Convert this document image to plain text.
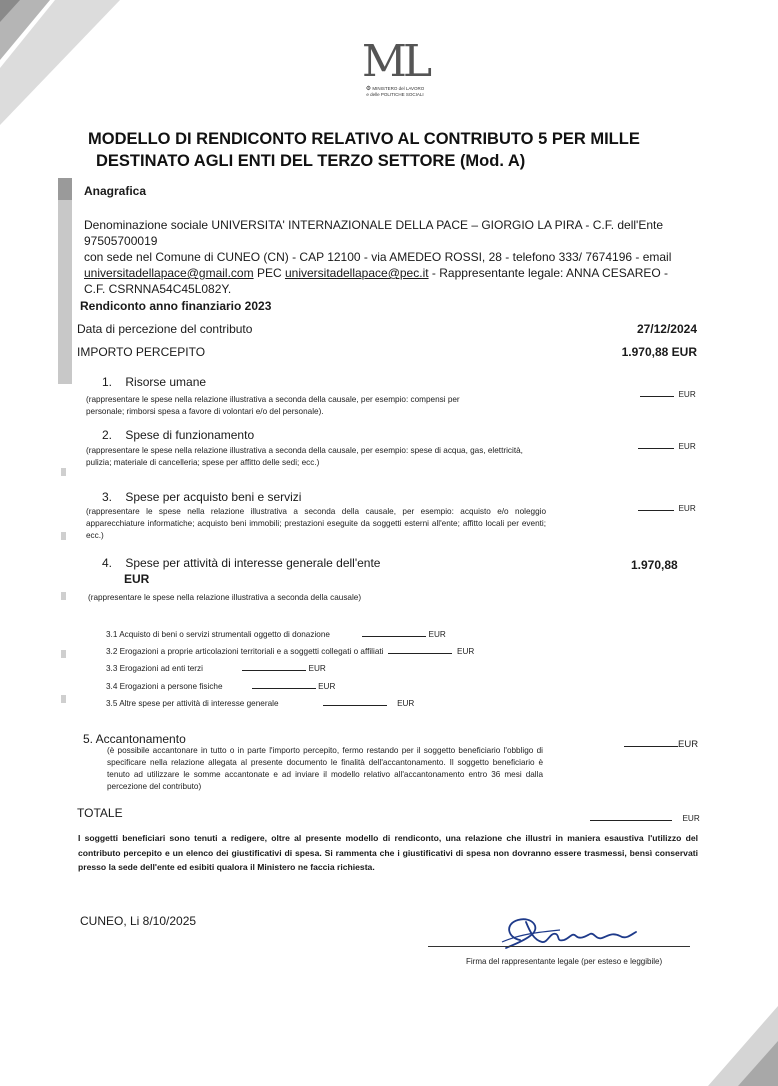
ML
⚙ MINISTERO del LAVORO
e delle POLITICHE SOCIALI
MODELLO DI RENDICONTO RELATIVO AL CONTRIBUTO 5 PER MILLE
DESTINATO AGLI ENTI DEL TERZO SETTORE (Mod. A)
Anagrafica
Denominazione sociale UNIVERSITA' INTERNAZIONALE DELLA PACE – GIORGIO LA PIRA - C.F. dell'Ente 97505700019
con sede nel Comune di CUNEO (CN) - CAP 12100 - via AMEDEO ROSSI, 28 - telefono 333/ 7674196 - email
universitadellapace@gmail.com PEC universitadellapace@pec.it - Rappresentante legale: ANNA CESAREO -
C.F. CSRNNA54C45L082Y.
Rendiconto anno finanziario 2023
Data di percezione del contributo	27/12/2024
IMPORTO PERCEPITO	1.970,88 EUR
1. Risorse umane
EUR
(rappresentare le spese nella relazione illustrativa a seconda della causale, per esempio: compensi per personale; rimborsi spesa a favore di volontari e/o del personale).
2. Spese di funzionamento
EUR
(rappresentare le spese nella relazione illustrativa a seconda della causale, per esempio: spese di acqua, gas, elettricità, pulizia; materiale di cancelleria; spese per affitto delle sedi; ecc.)
3. Spese per acquisto beni e servizi
EUR
(rappresentare le spese nella relazione illustrativa a seconda della causale, per esempio: acquisto e/o noleggio apparecchiature informatiche; acquisto beni immobili; prestazioni eseguite da soggetti esterni all'ente; affitto locali per eventi; ecc.)
4. Spese per attività di interesse generale dell'ente
EUR
1.970,88
(rappresentare le spese nella relazione illustrativa a seconda della causale)
3.1 Acquisto di beni o servizi strumentali oggetto di donazione	EUR
3.2 Erogazioni a proprie articolazioni territoriali e a soggetti collegati o affiliati	EUR
3.3 Erogazioni ad enti terzi	EUR
3.4 Erogazioni a persone fisiche	EUR
3.5 Altre spese per attività di interesse generale	EUR
5. Accantonamento	EUR
(è possibile accantonare in tutto o in parte l'importo percepito, fermo restando per il soggetto beneficiario l'obbligo di specificare nella relazione allegata al presente documento le finalità dell'accantonamento. Il soggetto beneficiario è tenuto ad utilizzare le somme accantonate e ad inviare il modello relativo all'accantonamento entro 36 mesi dalla percezione del contributo)
TOTALE	EUR
I soggetti beneficiari sono tenuti a redigere, oltre al presente modello di rendiconto, una relazione che illustri in maniera esaustiva l'utilizzo del contributo percepito e un elenco dei giustificativi di spesa. Si rammenta che i giustificativi di spesa non dovranno essere trasmessi, bensì conservati presso la sede dell'ente ed esibiti qualora il Ministero ne faccia richiesta.
CUNEO, Li 8/10/2025
Firma del rappresentante legale (per esteso e leggibile)
